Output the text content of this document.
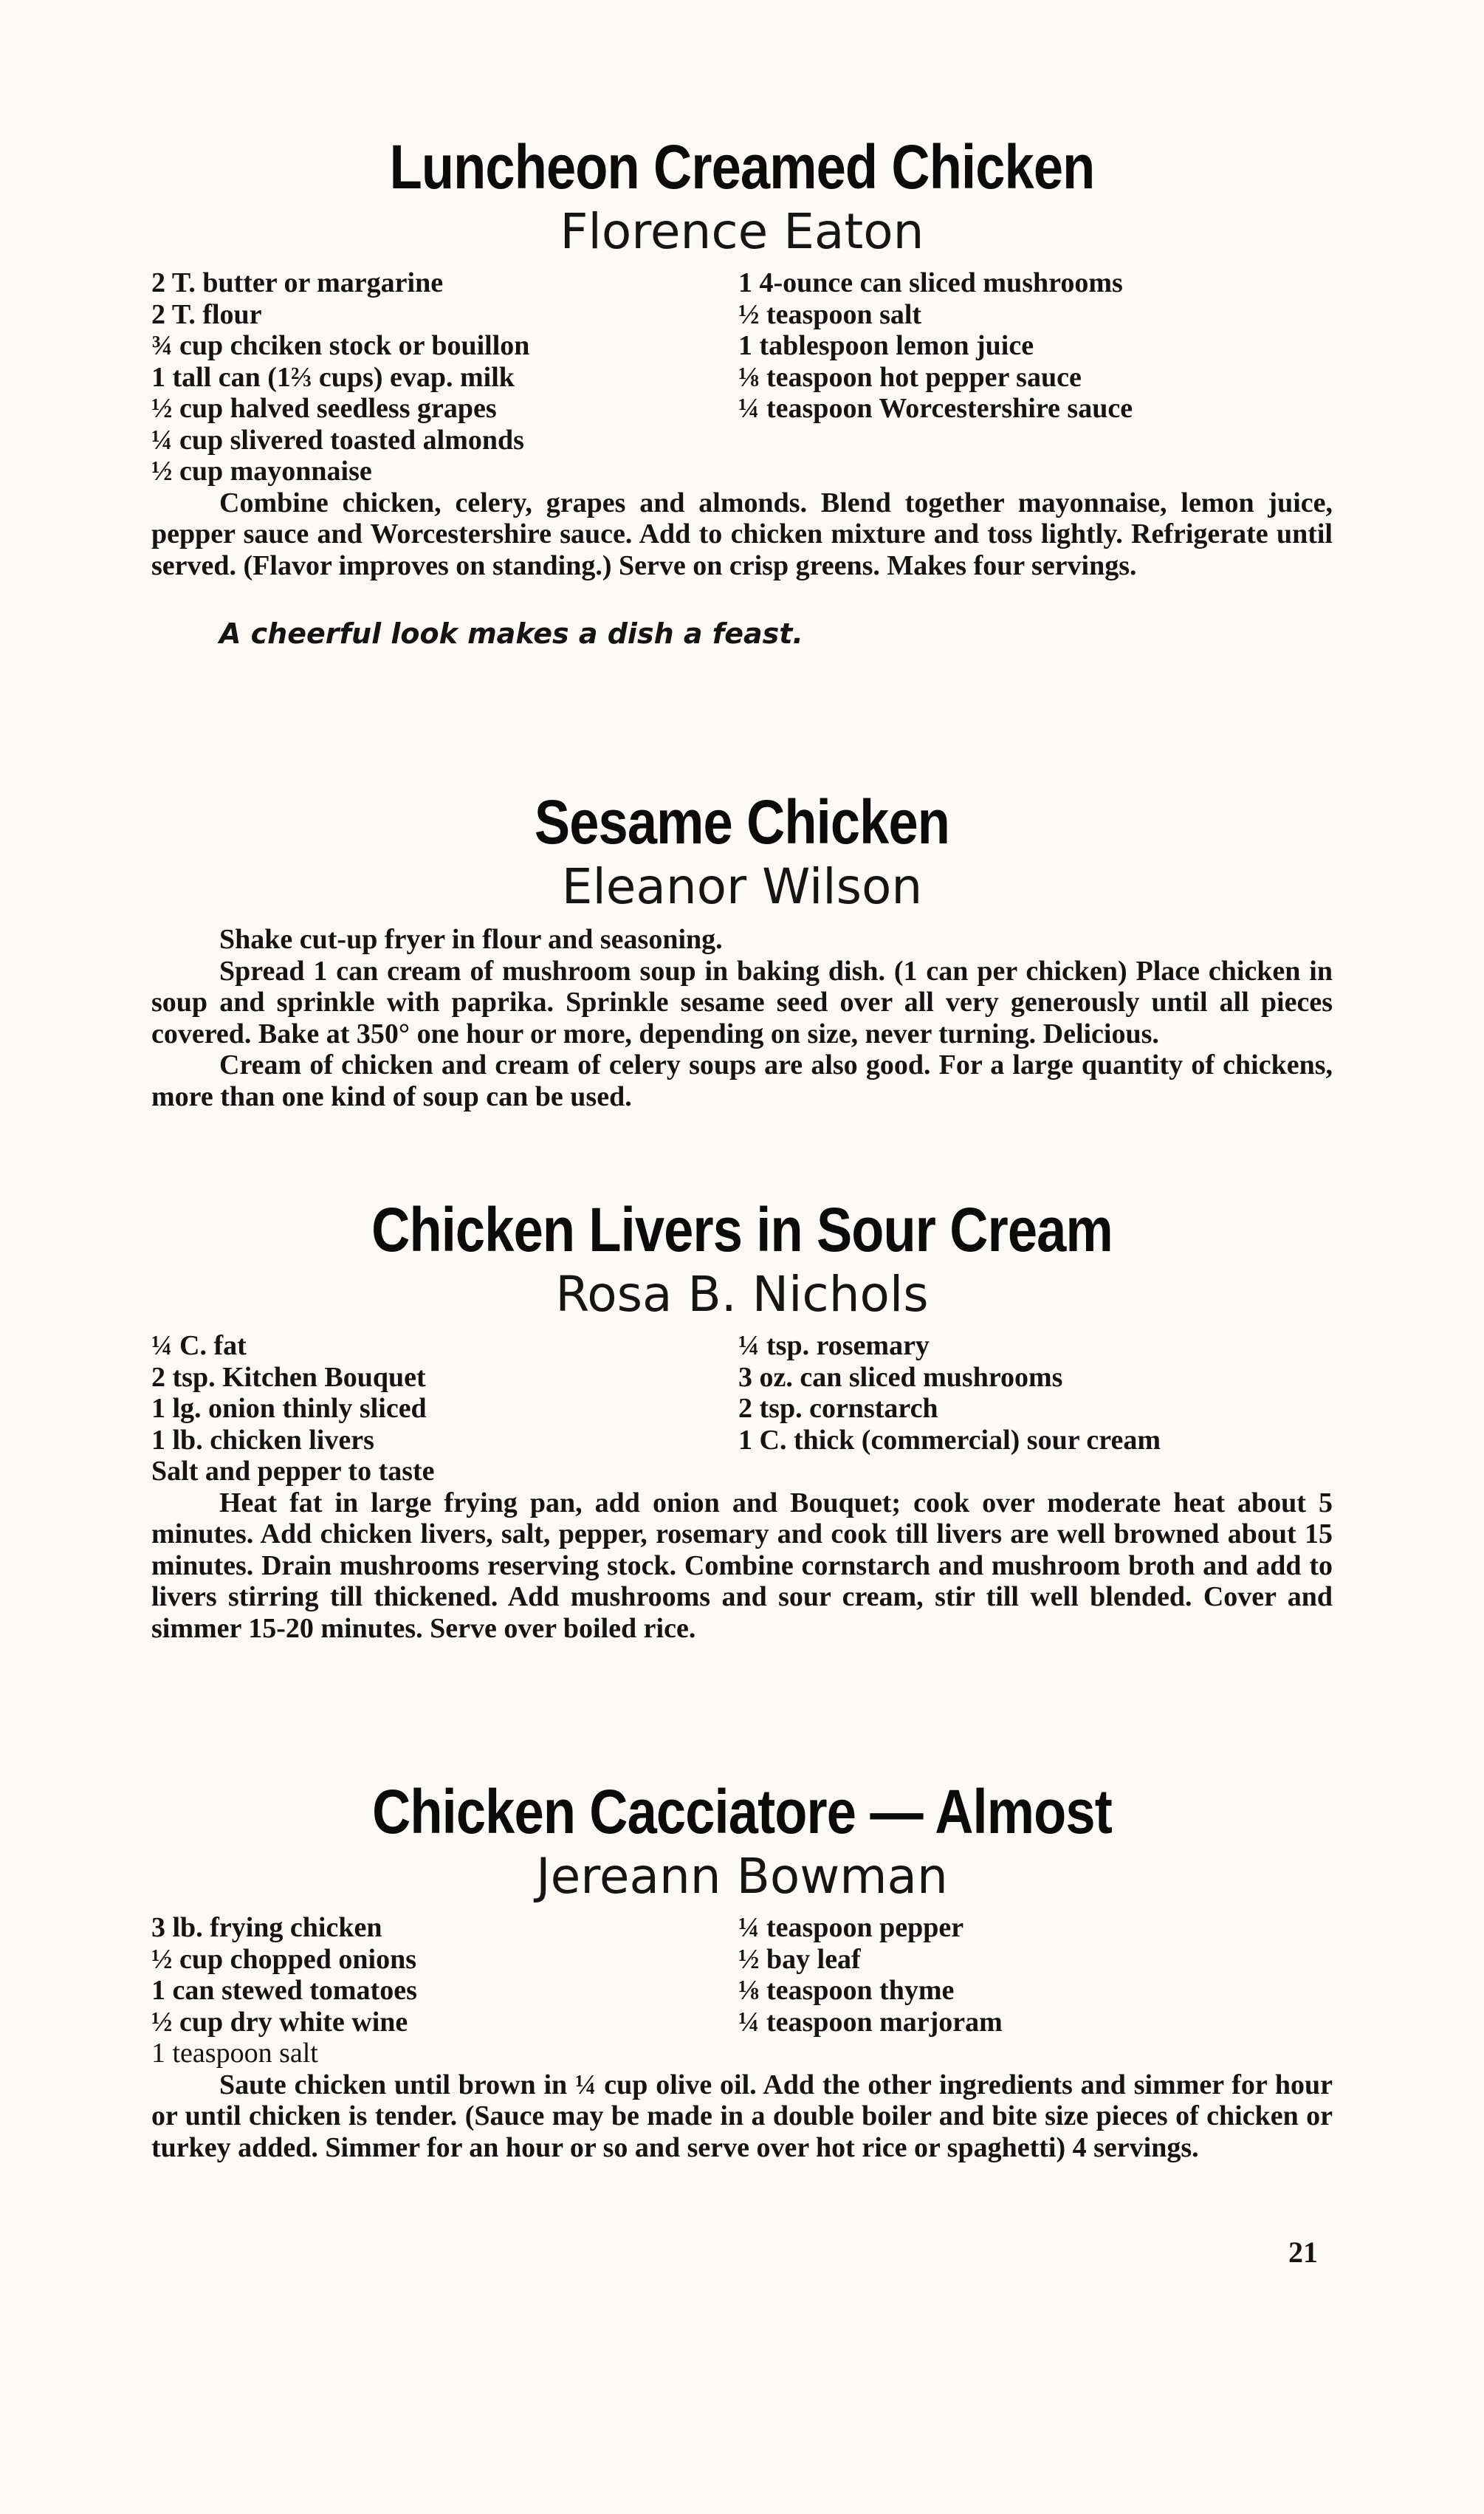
Luncheon Creamed Chicken
Florence Eaton
2 T. butter or margarine
2 T. flour
¾ cup chciken stock or bouillon
1 tall can (1⅔ cups) evap. milk
½ cup halved seedless grapes
¼ cup slivered toasted almonds
½ cup mayonnaise
1 4-ounce can sliced mushrooms
½ teaspoon salt
1 tablespoon lemon juice
⅛ teaspoon hot pepper sauce
¼ teaspoon Worcestershire sauce

Combine chicken, celery, grapes and almonds. Blend together mayonnaise, lemon juice, pepper sauce and Worcestershire sauce. Add to chicken mixture and toss lightly. Refrigerate until served. (Flavor improves on standing.) Serve on crisp greens. Makes four servings.

A cheerful look makes a dish a feast.
Sesame Chicken
Eleanor Wilson

Shake cut-up fryer in flour and seasoning.

Spread 1 can cream of mushroom soup in baking dish. (1 can per chicken) Place chicken in soup and sprinkle with paprika. Sprinkle sesame seed over all very generously until all pieces covered. Bake at 350° one hour or more, depending on size, never turning. Delicious.

Cream of chicken and cream of celery soups are also good. For a large quantity of chickens, more than one kind of soup can be used.

Chicken Livers in Sour Cream
Rosa B. Nichols
¼ C. fat
2 tsp. Kitchen Bouquet
1 lg. onion thinly sliced
1 lb. chicken livers
¼ tsp. rosemary
3 oz. can sliced mushrooms
2 tsp. cornstarch
1 C. thick (commercial) sour cream
Salt and pepper to taste

Heat fat in large frying pan, add onion and Bouquet; cook over moderate heat about 5 minutes. Add chicken livers, salt, pepper, rosemary and cook till livers are well browned about 15 minutes. Drain mushrooms reserving stock. Combine cornstarch and mushroom broth and add to livers stirring till thickened. Add mushrooms and sour cream, stir till well blended. Cover and simmer 15-20 minutes. Serve over boiled rice.

Chicken Cacciatore — Almost
Jereann Bowman
3 lb. frying chicken
½ cup chopped onions
1 can stewed tomatoes
½ cup dry white wine
¼ teaspoon pepper
½ bay leaf
⅛ teaspoon thyme
¼ teaspoon marjoram
1 teaspoon salt

Saute chicken until brown in ¼ cup olive oil. Add the other ingredients and simmer for hour or until chicken is tender. (Sauce may be made in a double boiler and bite size pieces of chicken or turkey added. Simmer for an hour or so and serve over hot rice or spaghetti) 4 servings.

21
